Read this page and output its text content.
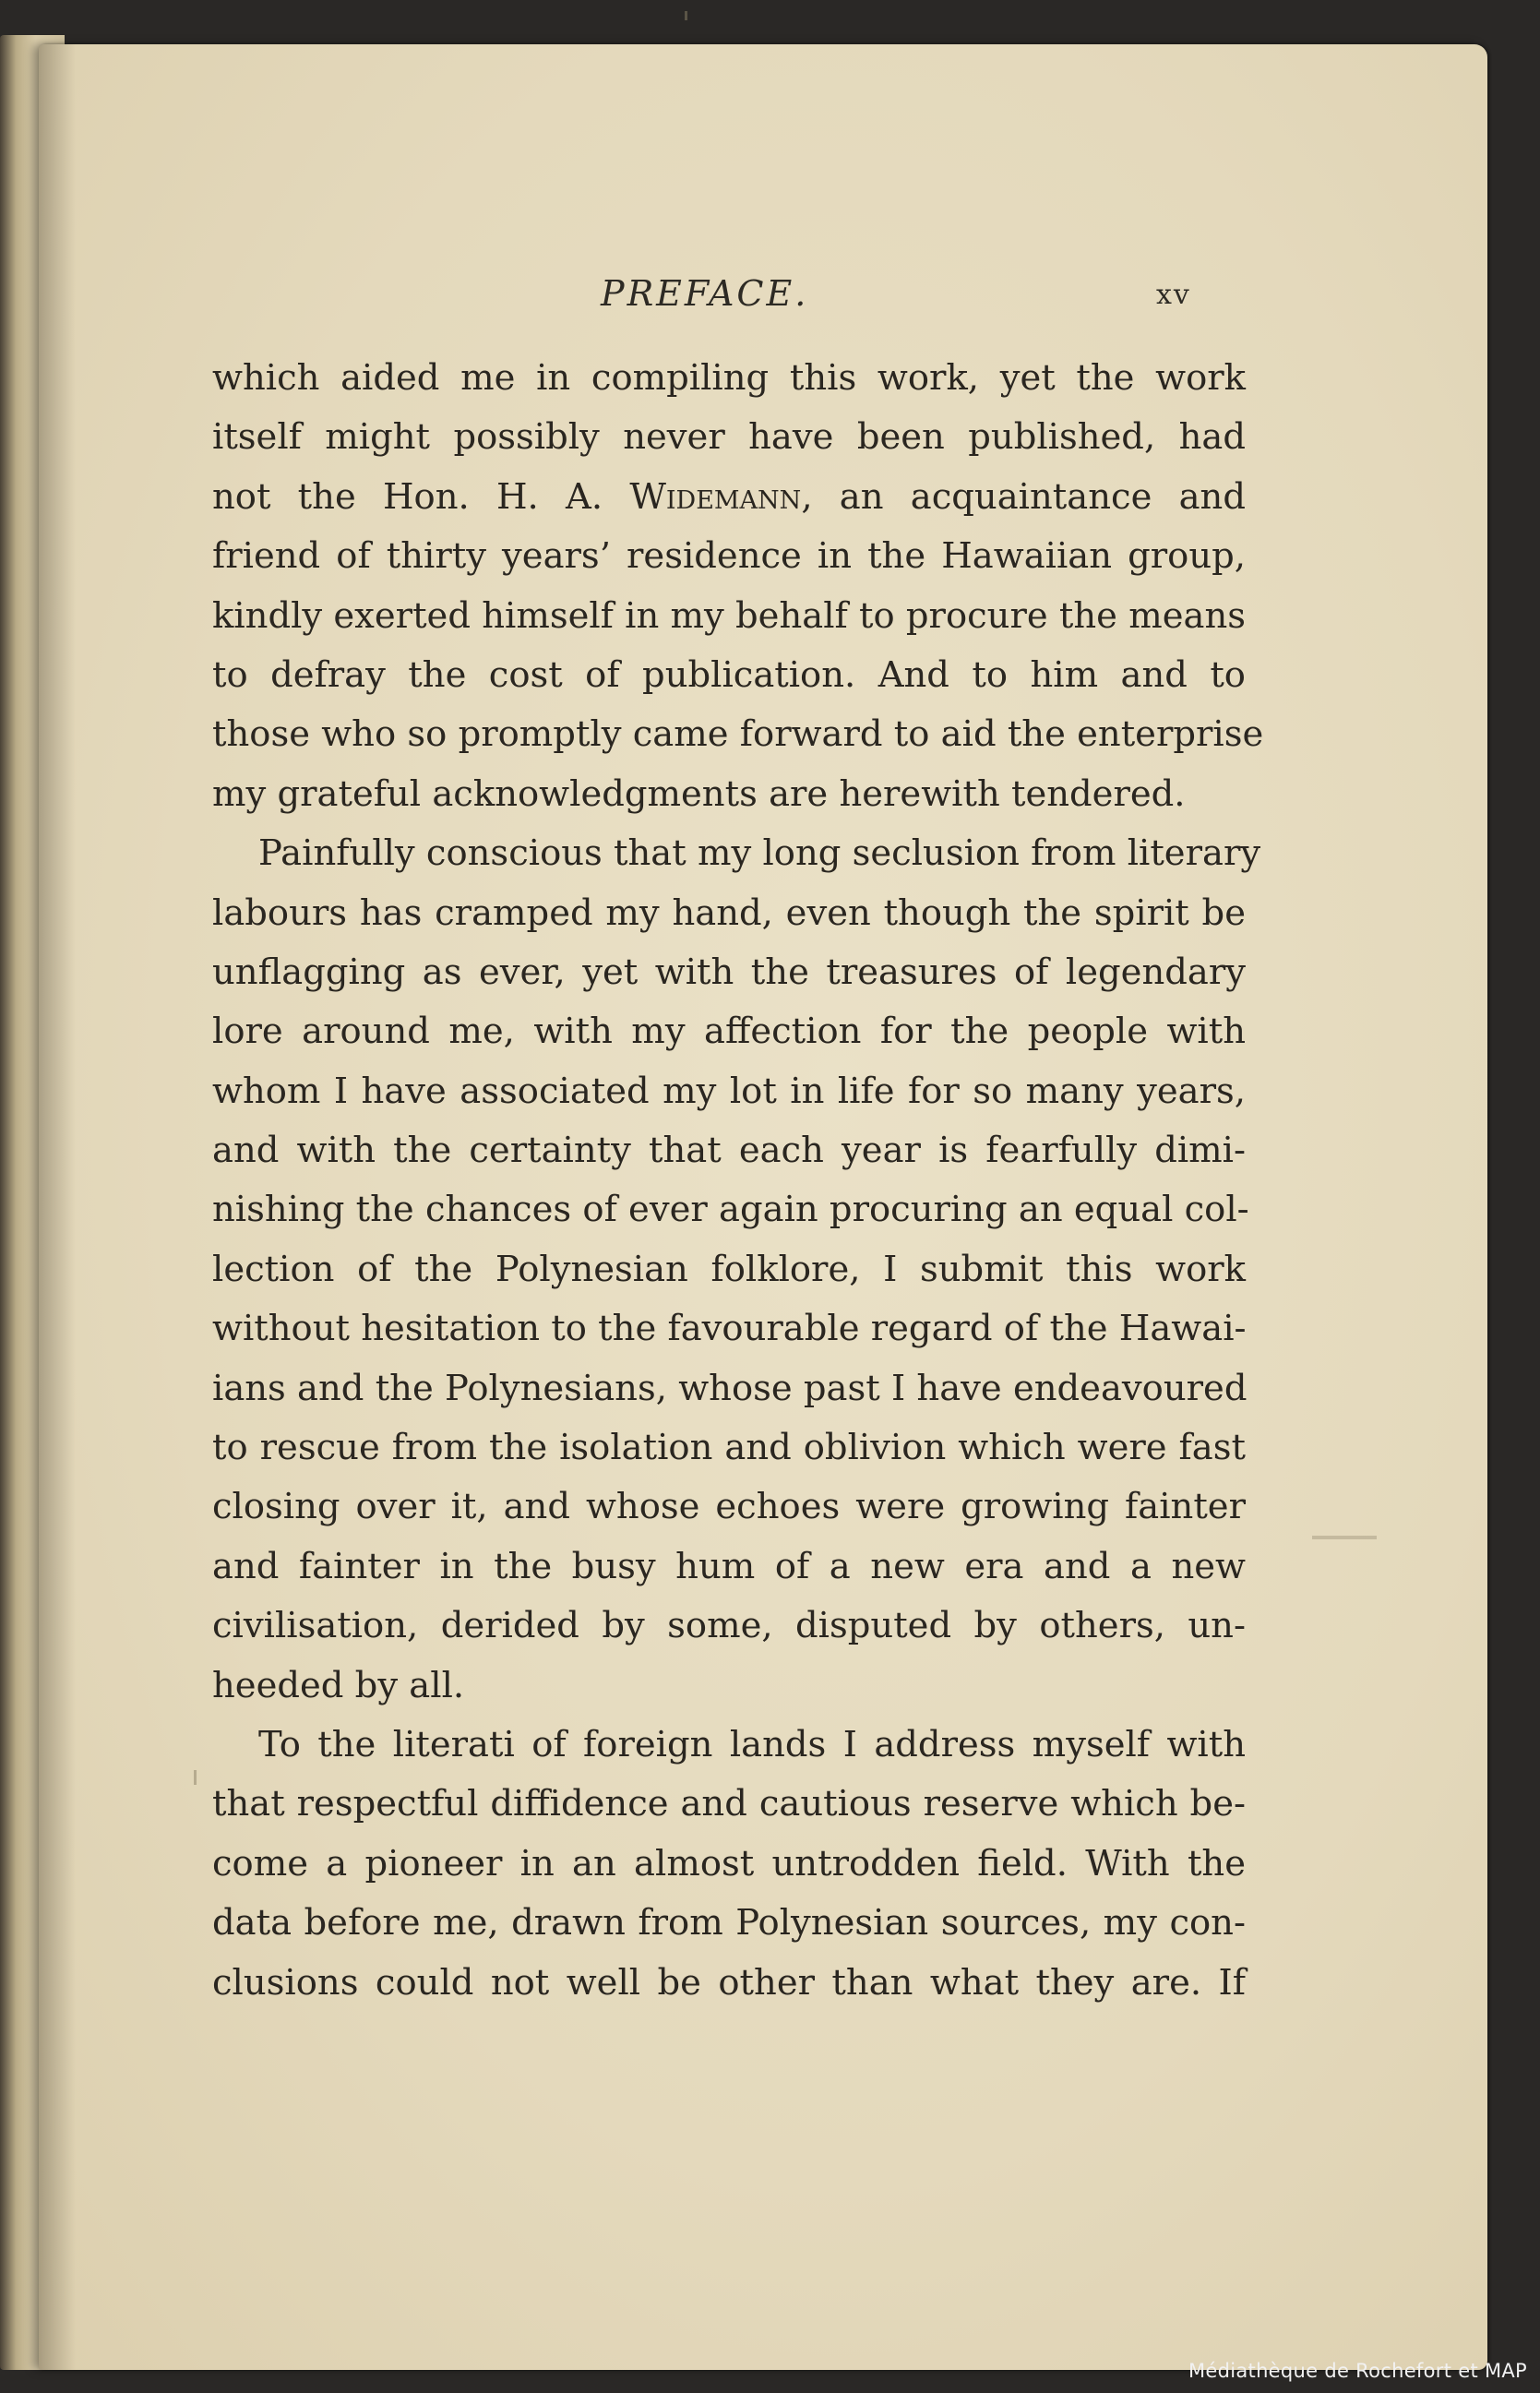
PREFACE.	xv
which aided me in compiling this work, yet the work
itself might possibly never have been published, had
not the Hon. H. A. Widemann, an acquaintance and
friend of thirty years’ residence in the Hawaiian group,
kindly exerted himself in my behalf to procure the means
to defray the cost of publication. And to him and to
those who so promptly came forward to aid the enterprise
my grateful acknowledgments are herewith tendered.
Painfully conscious that my long seclusion from literary
labours has cramped my hand, even though the spirit be
unflagging as ever, yet with the treasures of legendary
lore around me, with my affection for the people with
whom I have associated my lot in life for so many years,
and with the certainty that each year is fearfully dimi-
nishing the chances of ever again procuring an equal col-
lection of the Polynesian folklore, I submit this work
without hesitation to the favourable regard of the Hawai-
ians and the Polynesians, whose past I have endeavoured
to rescue from the isolation and oblivion which were fast
closing over it, and whose echoes were growing fainter
and fainter in the busy hum of a new era and a new
civilisation, derided by some, disputed by others, un-
heeded by all.
To the literati of foreign lands I address myself with
that respectful diffidence and cautious reserve which be-
come a pioneer in an almost untrodden field. With the
data before me, drawn from Polynesian sources, my con-
clusions could not well be other than what they are. If
Médiathèque de Rochefort et MAP
